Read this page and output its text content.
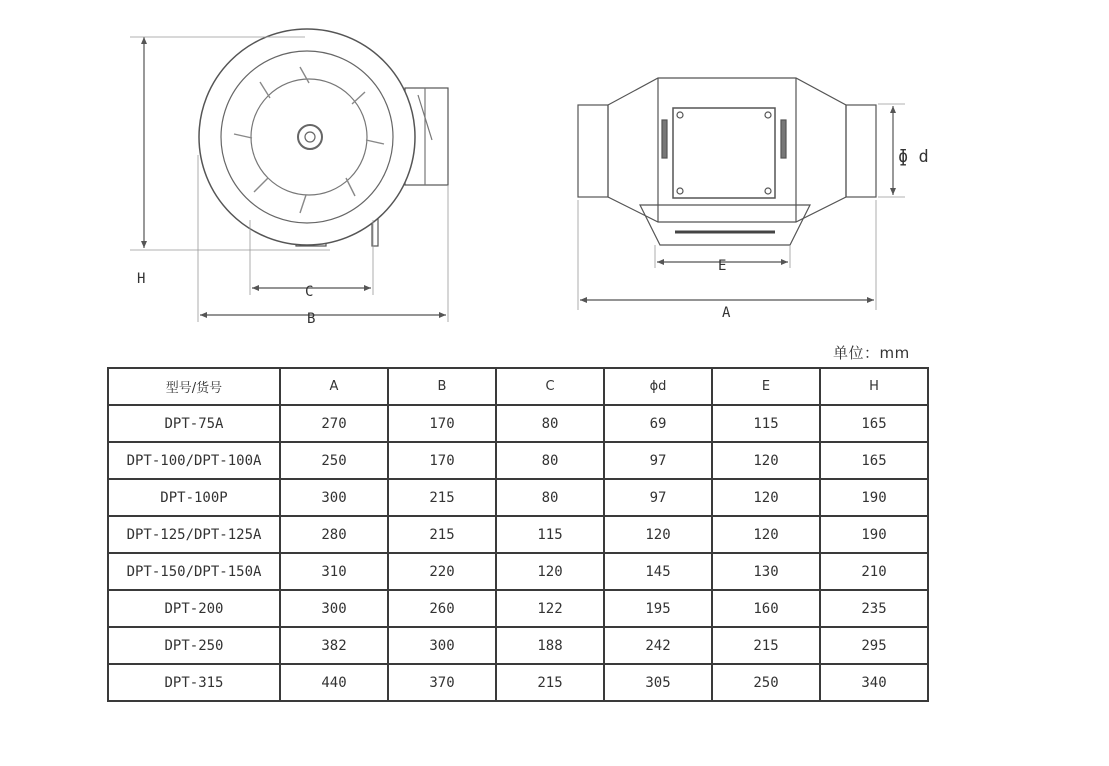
H
C
B
ɸ d
E
A
单位：mm
型号/货号	A	B	C	ɸd	E	H
DPT-75A	270	170	80	69	115	165
DPT-100/DPT-100A	250	170	80	97	120	165
DPT-100P	300	215	80	97	120	190
DPT-125/DPT-125A	280	215	115	120	120	190
DPT-150/DPT-150A	310	220	120	145	130	210
DPT-200	300	260	122	195	160	235
DPT-250	382	300	188	242	215	295
DPT-315	440	370	215	305	250	340
